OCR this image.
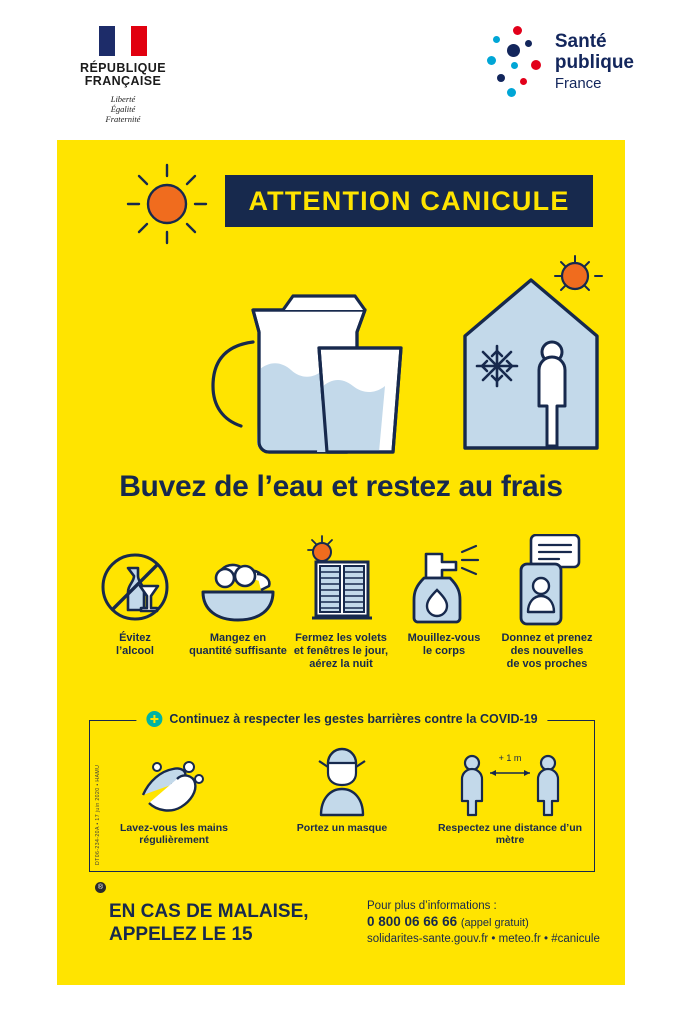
RÉPUBLIQUE
FRANÇAISE
Liberté
Égalité
Fraternité
Santé
publique
France
ATTENTION CANICULE
Buvez de l’eau et restez au frais
Évitez
l’alcool
Mangez en
quantité suffisante
Fermez les volets
et fenêtres le jour,
aérez la nuit
Mouillez-vous
le corps
Donnez et prenez
des nouvelles
de vos proches
Continuez à respecter les gestes barrières contre la COVID-19
Lavez-vous les mains régulièrement
Portez un masque
+ 1 m
Respectez une distance d’un mètre
EN CAS DE MALAISE,
APPELEZ LE 15
Pour plus d’informations :
0 800 06 66 66 (appel gratuit)
solidarites-sante.gouv.fr • meteo.fr • #canicule
DT06-234-20A • 17 juin 2020 • HAMU
®
